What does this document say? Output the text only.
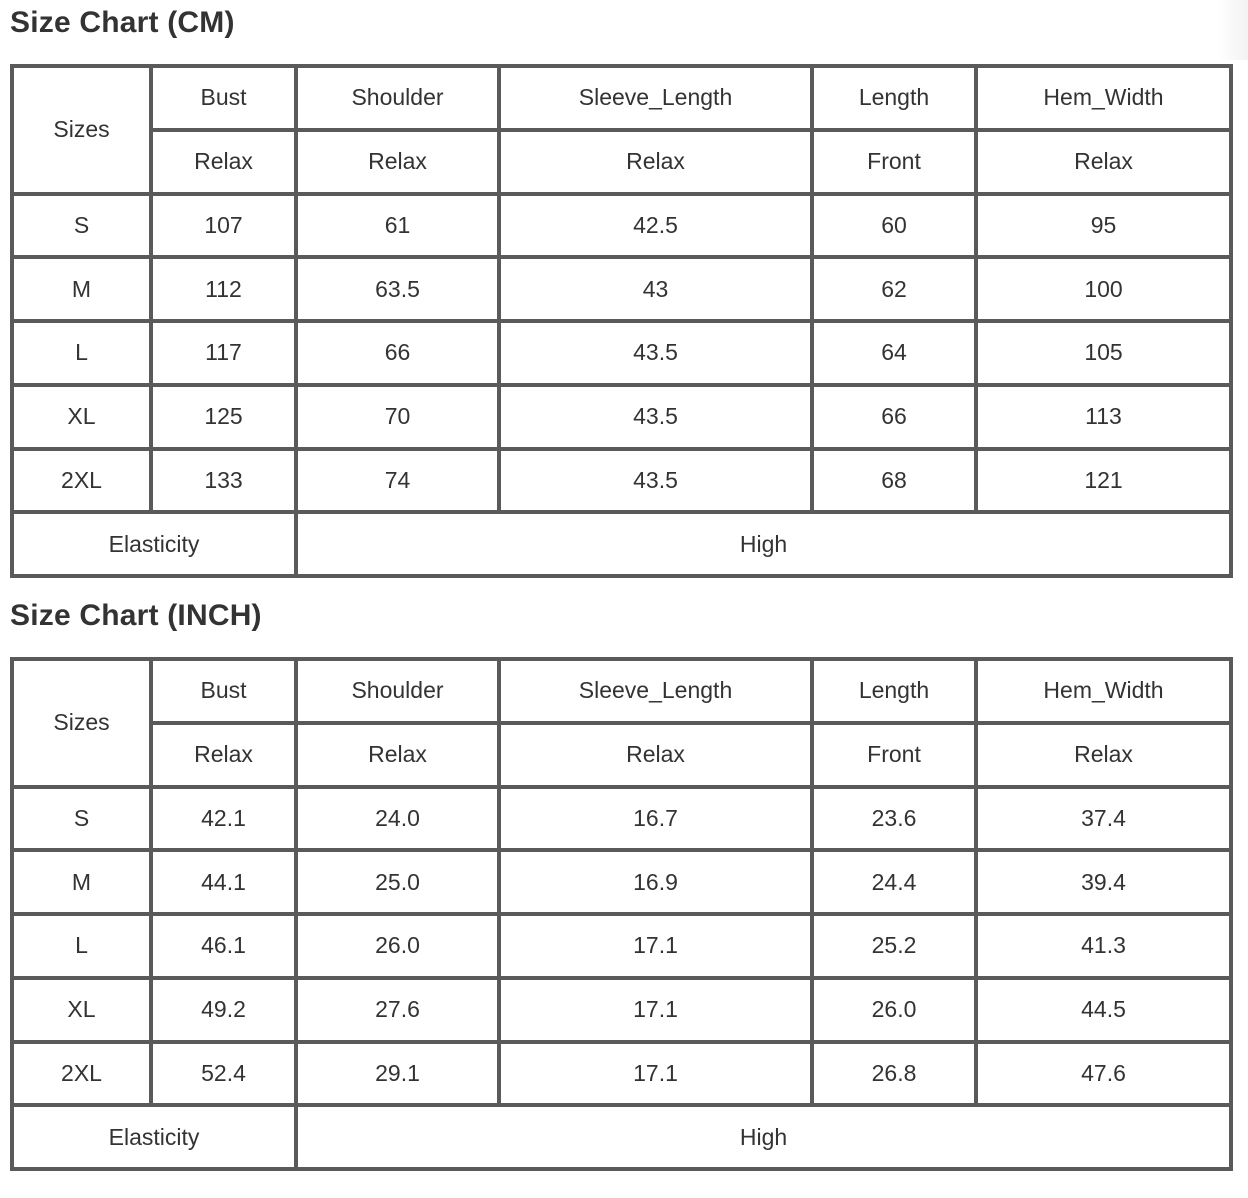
Size Chart (CM)
Sizes	Bust	Shoulder	Sleeve_Length	Length	Hem_Width
	Relax	Relax	Relax	Front	Relax
S	107	61	42.5	60	95
M	112	63.5	43	62	100
L	117	66	43.5	64	105
XL	125	70	43.5	66	113
2XL	133	74	43.5	68	121
Elasticity		High			
Size Chart (INCH)
Sizes	Bust	Shoulder	Sleeve_Length	Length	Hem_Width
	Relax	Relax	Relax	Front	Relax
S	42.1	24.0	16.7	23.6	37.4
M	44.1	25.0	16.9	24.4	39.4
L	46.1	26.0	17.1	25.2	41.3
XL	49.2	27.6	17.1	26.0	44.5
2XL	52.4	29.1	17.1	26.8	47.6
Elasticity		High			
